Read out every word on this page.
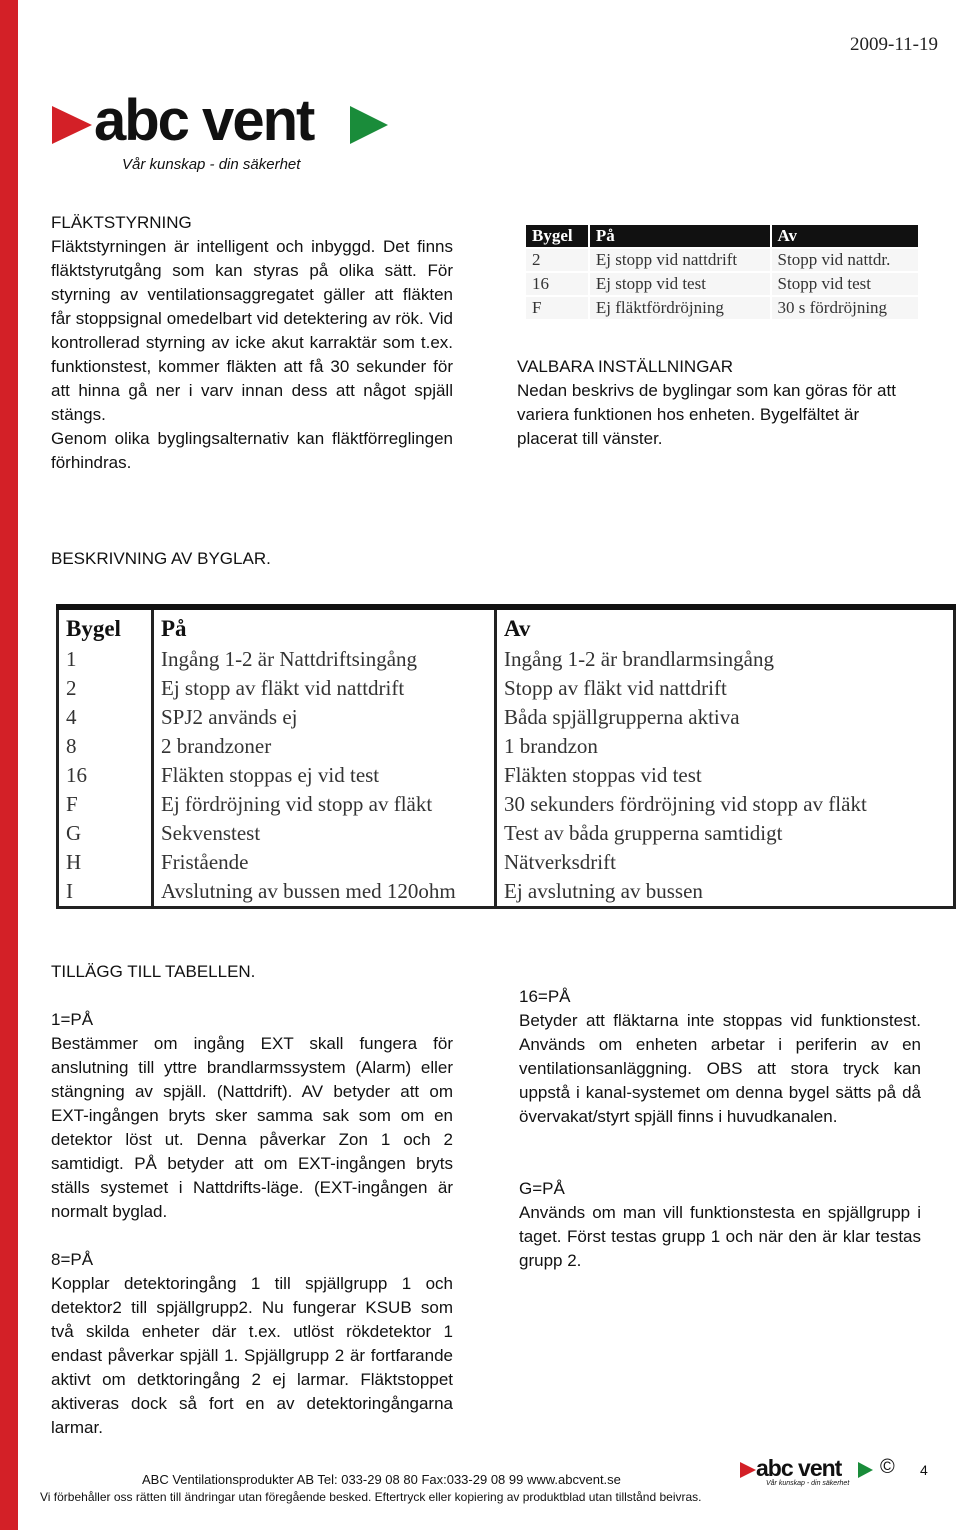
2009-11-19
abc vent
Vår kunskap - din säkerhet
FLÄKTSTYRNING
Fläktstyrningen är intelligent och inbyggd. Det finns fläktstyrutgång som kan styras på olika sätt. För styrning av ventilationsaggregatet gäller att fläkten får stoppsignal omedelbart vid detektering av rök. Vid kontrollerad styrning av icke akut karraktär som t.ex. funktionstest, kommer fläkten att få 30 sekunder för att hinna gå ner i varv innan dess att något spjäll stängs.
Genom olika byglingsalternativ kan fläktförreglingen förhindras.
Bygel	På	Av
2	Ej stopp vid nattdrift	Stopp vid nattdr.
16	Ej stopp vid test	Stopp vid test
F	Ej fläktfördröjning	30 s fördröjning
VALBARA INSTÄLLNINGAR
Nedan beskrivs de byglingar som kan göras för att variera funktionen hos enheten. Bygelfältet är placerat till vänster.
BESKRIVNING AV BYGLAR.
Bygel	På	Av
1	Ingång 1-2 är Nattdriftsingång	Ingång 1-2 är brandlarmsingång
2	Ej stopp av fläkt vid nattdrift	Stopp av fläkt vid nattdrift
4	SPJ2 används ej	Båda spjällgrupperna aktiva
8	2 brandzoner	1 brandzon
16	Fläkten stoppas ej vid test	Fläkten stoppas vid test
F	Ej fördröjning vid stopp av fläkt	30 sekunders fördröjning vid stopp av fläkt
G	Sekvenstest	Test av båda grupperna samtidigt
H	Fristående	Nätverksdrift
I	Avslutning av bussen med 120ohm	Ej avslutning av bussen
TILLÄGG TILL TABELLEN.
1=PÅ
Bestämmer om ingång EXT skall fungera för anslutning till yttre brandlarmssystem (Alarm) eller stängning av spjäll. (Nattdrift). AV betyder att om EXT-ingången bryts sker samma sak som om en detektor löst ut. Denna påverkar Zon 1 och 2 samtidigt. PÅ betyder att om EXT-ingången bryts ställs systemet i Nattdrifts-läge. (EXT-ingången är normalt byglad.
8=PÅ
Kopplar detektoringång 1 till spjällgrupp 1 och detektor2 till spjällgrupp2. Nu fungerar KSUB som två skilda enheter där t.ex. utlöst rökdetektor 1 endast påverkar spjäll 1. Spjällgrupp 2 är fortfarande aktivt om detktoringång 2 ej larmar. Fläktstoppet aktiveras dock så fort en av detektoringångarna larmar.
16=PÅ
Betyder att fläktarna inte stoppas vid funktionstest. Används om enheten arbetar i periferin av en ventilationsanläggning. OBS att stora tryck kan uppstå i kanal-systemet om denna bygel sätts på då övervakat/styrt spjäll finns i huvudkanalen.
G=PÅ
Används om man vill funktionstesta en spjällgrupp i taget. Först testas grupp 1 och när den är klar testas grupp 2.
ABC Ventilationsprodukter AB Tel: 033-29 08 80 Fax:033-29 08 99 www.abcvent.se
Vi förbehåller oss rätten till ändringar utan föregående besked. Eftertryck eller kopiering av produktblad utan tillstånd beivras.
abc vent
Vår kunskap - din säkerhet
© 4
